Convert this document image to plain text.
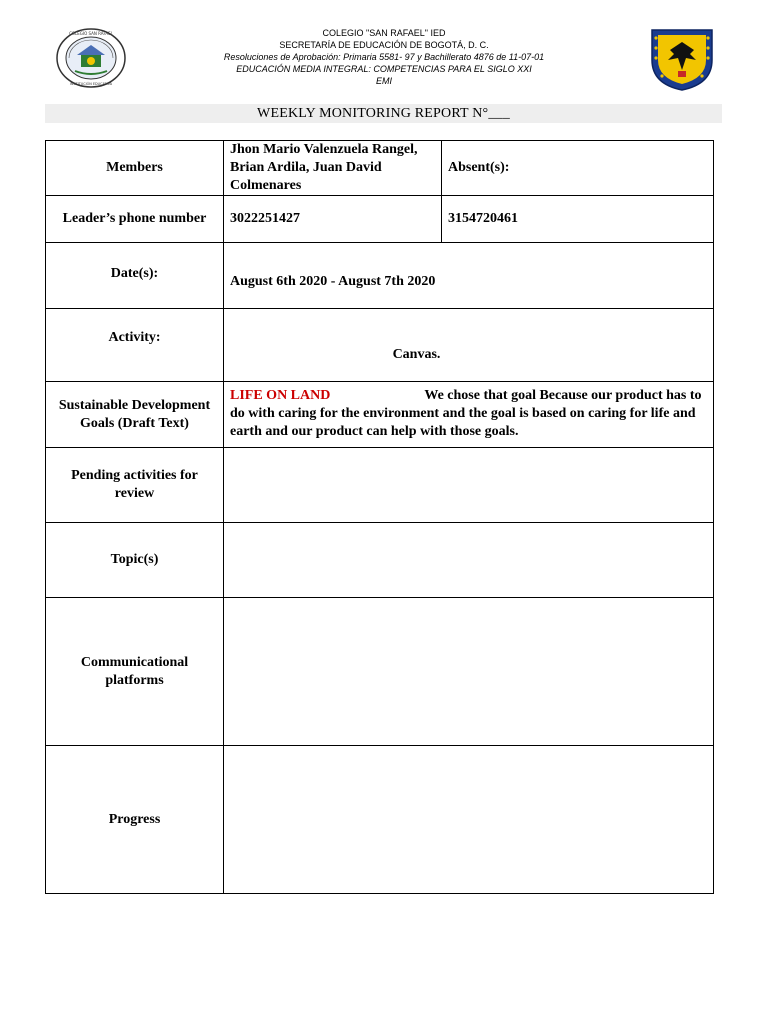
COLEGIO SAN RAFAEL
INSTITUCIÓN EDUCATIVA
COLEGIO "SAN RAFAEL" IED
SECRETARÍA DE EDUCACIÓN DE BOGOTÁ, D. C.
Resoluciones de Aprobación: Primaria 5581- 97 y Bachillerato 4876 de 11-07-01
EDUCACIÓN MEDIA INTEGRAL: COMPETENCIAS PARA EL SIGLO XXI
EMI
WEEKLY MONITORING REPORT N°___
Members	Jhon Mario Valenzuela Rangel, Brian Ardila, Juan David Colmenares	Absent(s):
Leader’s phone number	3022251427	3154720461
Date(s):	August 6th 2020 - August 7th 2020	
Activity:	Canvas.	
Sustainable Development Goals (Draft Text)	LIFE ON LAND We chose that goal Because our product has to do with caring for the environment and the goal is based on caring for life and earth and our product can help with those goals.	
Pending activities for review		
Topic(s)		
Communicational platforms		
Progress		
